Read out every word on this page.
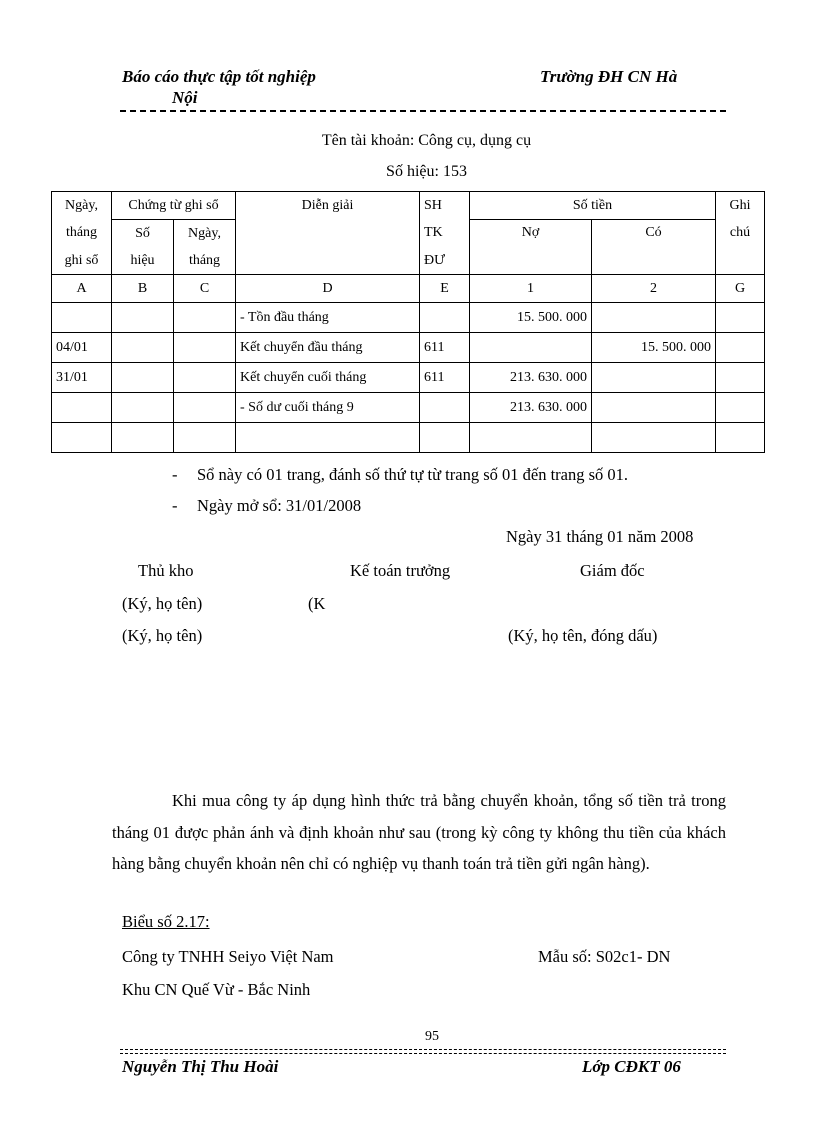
Báo cáo thực tập tốt nghiệp
Nội
Trường ĐH CN Hà
Tên tài khoản: Công cụ, dụng cụ
Số hiệu: 153
Ngày,	Chứng từ ghi sổ		Diễn giải	SH	Số tiền		Ghi
tháng	Số	Ngày,		TK	Nợ	Có	chú
ghi sổ	hiệu	tháng		ĐƯ			
A	B	C	D	E	1	2	G
			- Tồn đầu tháng		15. 500. 000		
04/01			Kết chuyển đầu tháng	611		15. 500. 000	
31/01			Kết chuyển cuối tháng	611	213. 630. 000		
			- Số dư cuối tháng 9		213. 630. 000		

- Sổ này có 01 trang, đánh số thứ tự từ trang số 01 đến trang số 01.
- Ngày mở sổ: 31/01/2008
Ngày 31 tháng 01 năm 2008
Thủ kho	Kế toán trưởng	Giám đốc
(Ký, họ tên)	(K
(Ký, họ tên)	(Ký, họ tên, đóng dấu)
Khi mua công ty áp dụng hình thức trả bằng chuyển khoản, tổng số tiền trả trong tháng 01 được phản ánh và định khoản như sau (trong kỳ công ty không thu tiền của khách hàng bằng chuyển khoản nên chỉ có nghiệp vụ thanh toán trả tiền gửi ngân hàng).
Biểu số 2.17:
Công ty TNHH Seiyo Việt Nam	Mẫu số: S02c1- DN
Khu CN Quế Vừ - Bắc Ninh
95
Nguyễn Thị Thu Hoài	Lớp CĐKT 06
